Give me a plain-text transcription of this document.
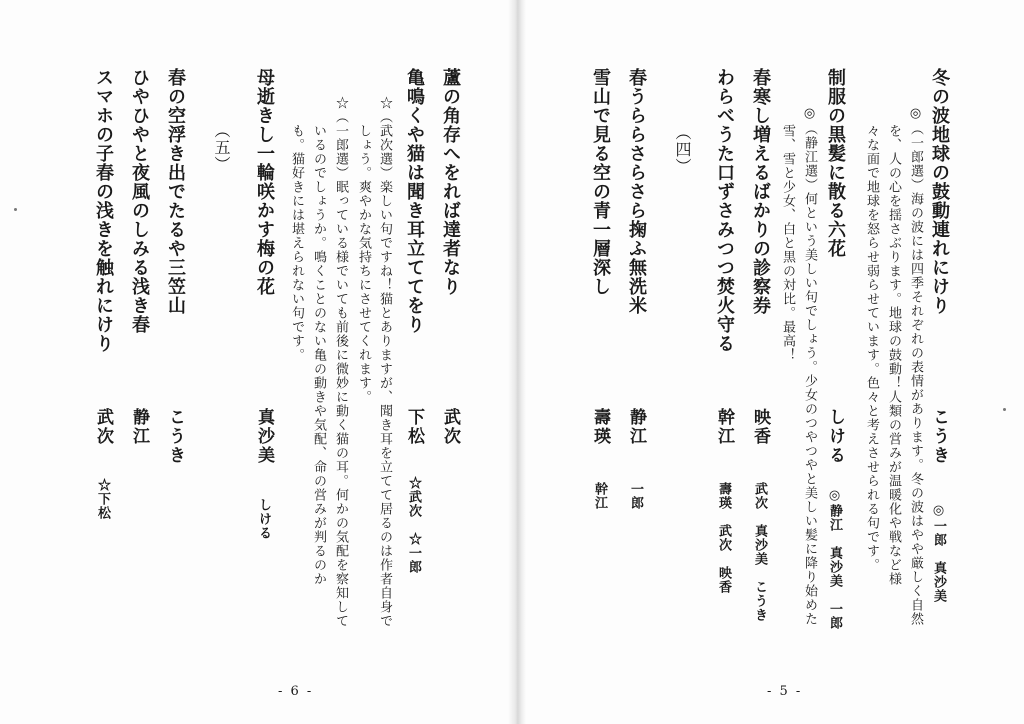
冬の波地球の鼓動連れにけり

こうき

◎一郎　真沙美

◎（一郎選）海の波には四季それぞれの表情があります。冬の波はやや厳しく自然

を、人の心を揺さぶります。地球の鼓動！人類の営みが温暖化や戦など様

々な面で地球を怒らせ弱らせています。色々と考えさせられる句です。

制服の黒髪に散る六花

しける

◎静江　真沙美　一郎

◎（静江選）何という美しい句でしょう。少女のつやつやと美しい髪に降り始めた

雪、雪と少女、白と黒の対比。最高！

春寒し増えるばかりの診察券

映香

武次　真沙美　こうき

わらべうた口ずさみつつ焚火守る

幹江

壽瑛　武次　映香

（四）

春うららさらさら掬ふ無洗米

静江

一郎

雪山で見る空の青一層深し

壽瑛

幹江

- 5 -

蘆の角存へをれば達者なり

武次

亀鳴くや猫は聞き耳立ててをり

下松

☆武次　☆一郎

☆（武次選）楽しい句ですね！猫とありますが、聞き耳を立てて居るのは作者自身で

しょう。爽やかな気持ちにさせてくれます。

☆（一郎選）眠っている様でいても前後に微妙に動く猫の耳。何かの気配を察知して

いるのでしょうか。鳴くことのない亀の動きや気配、命の営みが判るのか

も。猫好きには堪えられない句です。

母逝きし一輪咲かす梅の花

真沙美

しける

（五）

春の空浮き出でたるや三笠山

こうき

ひやひやと夜風のしみる浅き春

静江

スマホの子春の浅きを触れにけり

武次

☆下松

- 6 -
